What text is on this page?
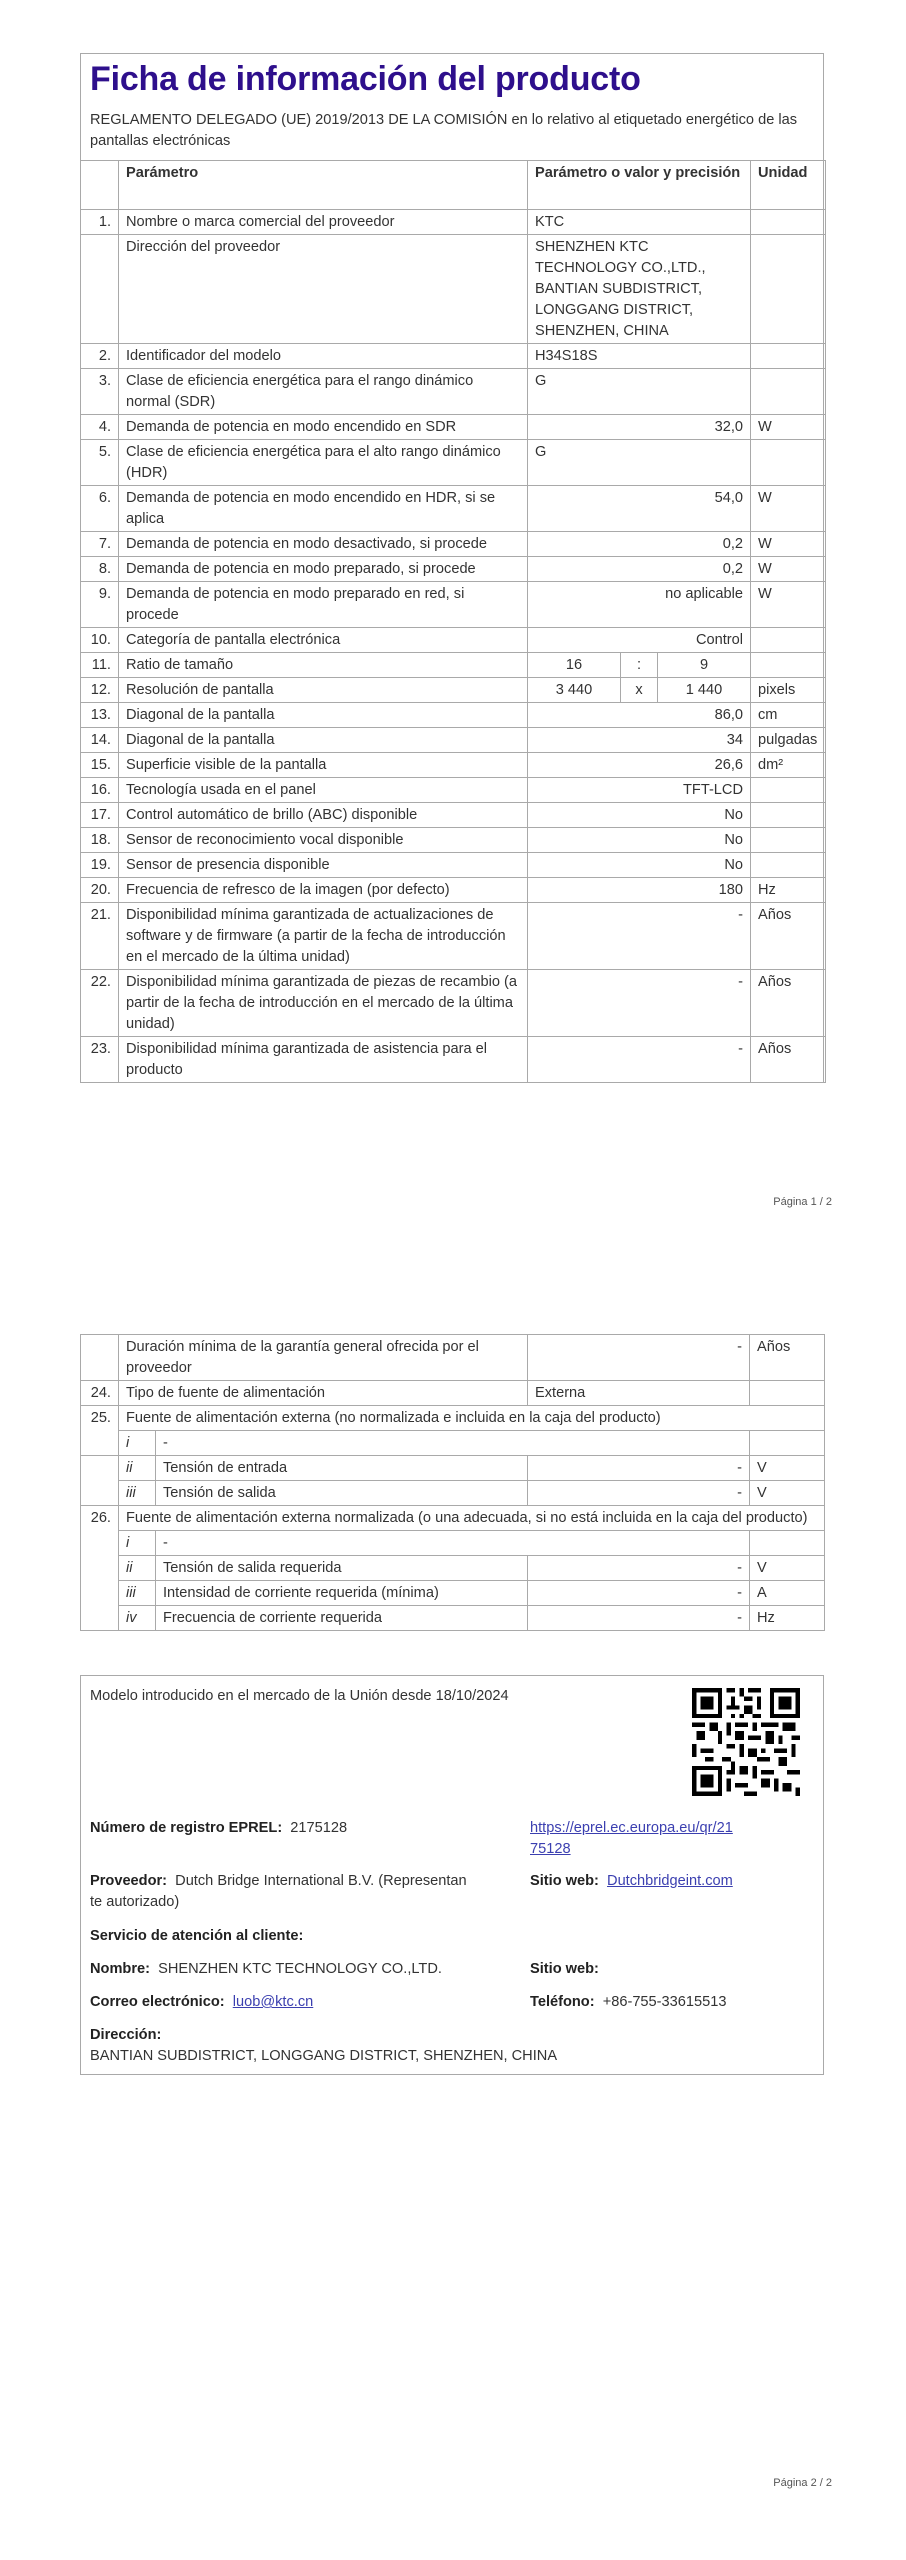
Ficha de información del producto
REGLAMENTO DELEGADO (UE) 2019/2013 DE LA COMISIÓN en lo relativo al etiquetado energético de las pantallas electrónicas
	Parámetro	Parámetro o valor y precisión			Unidad
1.	Nombre o marca comercial del proveedor	KTC			
	Dirección del proveedor	SHENZHEN KTC TECHNOLOGY CO.,LTD., BANTIAN SUBDISTRICT, LONGGANG DISTRICT, SHENZHEN, CHINA			
2.	Identificador del modelo	H34S18S			
3.	Clase de eficiencia energética para el rango dinámico normal (SDR)	G			
4.	Demanda de potencia en modo encendido en SDR	32,0			W
5.	Clase de eficiencia energética para el alto rango dinámico (HDR)	G			
6.	Demanda de potencia en modo encendido en HDR, si se aplica	54,0			W
7.	Demanda de potencia en modo desactivado, si procede	0,2			W
8.	Demanda de potencia en modo preparado, si procede	0,2			W
9.	Demanda de potencia en modo preparado en red, si procede	no aplicable			W
10.	Categoría de pantalla electrónica	Control			
11.	Ratio de tamaño	16	:	9	
12.	Resolución de pantalla	3 440	x	1 440	pixels
13.	Diagonal de la pantalla	86,0			cm
14.	Diagonal de la pantalla	34			pulgadas
15.	Superficie visible de la pantalla	26,6			dm²
16.	Tecnología usada en el panel	TFT-LCD			
17.	Control automático de brillo (ABC) disponible	No			
18.	Sensor de reconocimiento vocal disponible	No			
19.	Sensor de presencia disponible	No			
20.	Frecuencia de refresco de la imagen (por defecto)	180			Hz
21.	Disponibilidad mínima garantizada de actualizaciones de software y de firmware (a partir de la fecha de introducción en el mercado de la última unidad)	-			Años
22.	Disponibilidad mínima garantizada de piezas de recambio (a partir de la fecha de introducción en el mercado de la última unidad)	-			Años
23.	Disponibilidad mínima garantizada de asistencia para el producto	-			Años
Página 1 / 2
	Duración mínima de la garantía general ofrecida por el proveedor		-	Años
24.	Tipo de fuente de alimentación		Externa	
25.	Fuente de alimentación externa (no normalizada e incluida en la caja del producto)			
	i	-		
	ii	Tensión de entrada	-	V
	iii	Tensión de salida	-	V
26.	Fuente de alimentación externa normalizada (o una adecuada, si no está incluida en la caja del producto)			
	i	-		
	ii	Tensión de salida requerida	-	V
	iii	Intensidad de corriente requerida (mínima)	-	A
	iv	Frecuencia de corriente requerida	-	Hz
Modelo introducido en el mercado de la Unión desde 18/10/2024
Número de registro EPREL: 2175128	https://eprel.ec.europa.eu/qr/21
75128
Proveedor: Dutch Bridge International B.V. (Representan
te autorizado)
Sitio web: Dutchbridgeint.com
Servicio de atención al cliente:
Nombre: SHENZHEN KTC TECHNOLOGY CO.,LTD.	Sitio web:
Correo electrónico: luob@ktc.cn	Teléfono: +86-755-33615513
Dirección:
BANTIAN SUBDISTRICT, LONGGANG DISTRICT, SHENZHEN, CHINA
Página 2 / 2
